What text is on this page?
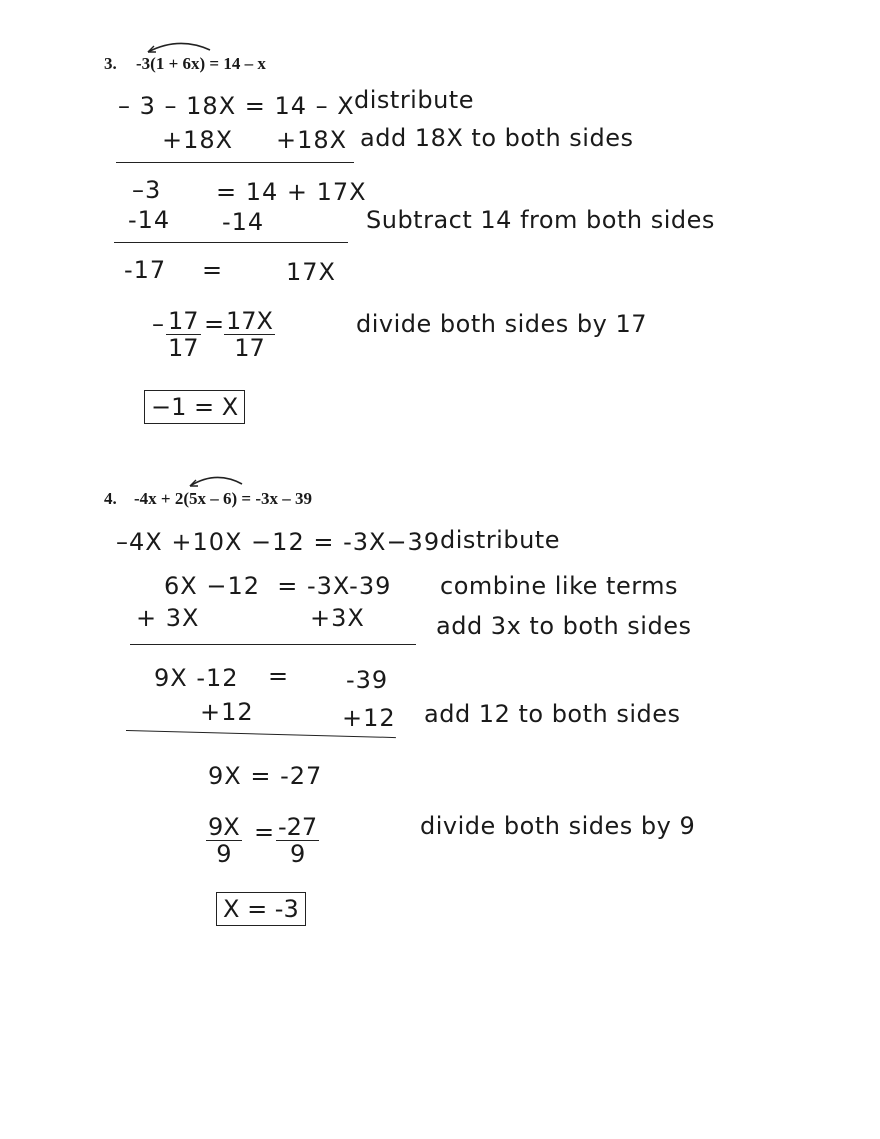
3. -3(1 + 6x) = 14 – x
– 3 – 18X = 14 – X distribute
+18X +18X add 18X to both sides
–3 = 14 + 17X
-14 -14	Subtract 14 from both sides
-17 =	17X
– $\frac{17}{17} = \frac{17X}{17}$	divide both sides by 17
−1 = X
4. -4x + 2(5x – 6) = -3x – 39
–4X +10X −12 = -3X−39 distribute
6X −12  = -3X-39 combine like terms
+ 3X	+3X	add 3x to both sides
9X -12 = -39
+12	+12 add 12 to both sides
9X = -27
$\frac{9X}{9} = \frac{-27}{9}$	divide both sides by 9
X = -3
